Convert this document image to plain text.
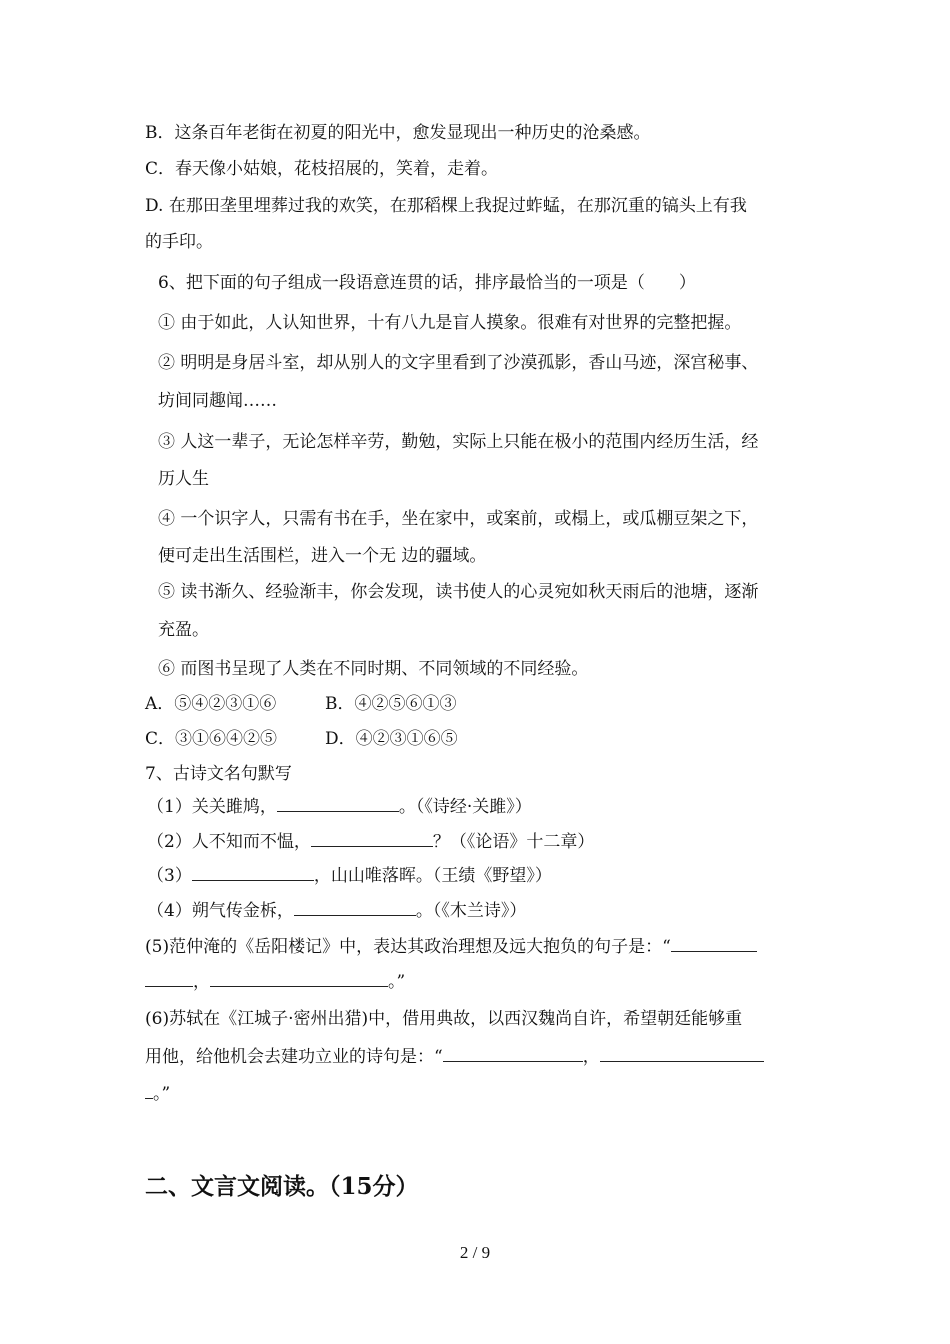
B．这条百年老街在初夏的阳光中，愈发显现出一种历史的沧桑感。
C．春天像小姑娘，花枝招展的，笑着，走着。
D. 在那田垄里埋葬过我的欢笑，在那稻棵上我捉过蚱蜢，在那沉重的镐头上有我
的手印。
6、把下面的句子组成一段语意连贯的话，排序最恰当的一项是（　　）
① 由于如此，人认知世界，十有八九是盲人摸象。很难有对世界的完整把握。
② 明明是身居斗室，却从别人的文字里看到了沙漠孤影，香山马迹，深宫秘事、
坊间同趣闻……
③ 人这一辈子，无论怎样辛劳，勤勉，实际上只能在极小的范围内经历生活，经
历人生
④ 一个识字人，只需有书在手，坐在家中，或案前，或榻上，或瓜棚豆架之下，
便可走出生活围栏，进入一个无 边的疆域。
⑤ 读书渐久、经验渐丰，你会发现，读书使人的心灵宛如秋天雨后的池塘，逐渐
充盈。
⑥ 而图书呈现了人类在不同时期、不同领域的不同经验。
A．⑤④②③①⑥	B．④②⑤⑥①③
C．③①⑥④②⑤	D．④②③①⑥⑤
7、古诗文名句默写
（1）关关雎鸠，	。（《诗经·关雎》）
（2）人不知而不愠，	？（《论语》十二章）
（3）	，山山唯落晖。（王绩《野望》）
（4）朔气传金柝，	。（《木兰诗》）
(5)范仲淹的《岳阳楼记》中，表达其政治理想及远大抱负的句子是：“
，	。”
(6)苏轼在《江城子·密州出猎)中，借用典故，以西汉魏尚自许，希望朝廷能够重
用他，给他机会去建功立业的诗句是：“	，
。”
二、文言文阅读。（15分）
2 / 9
